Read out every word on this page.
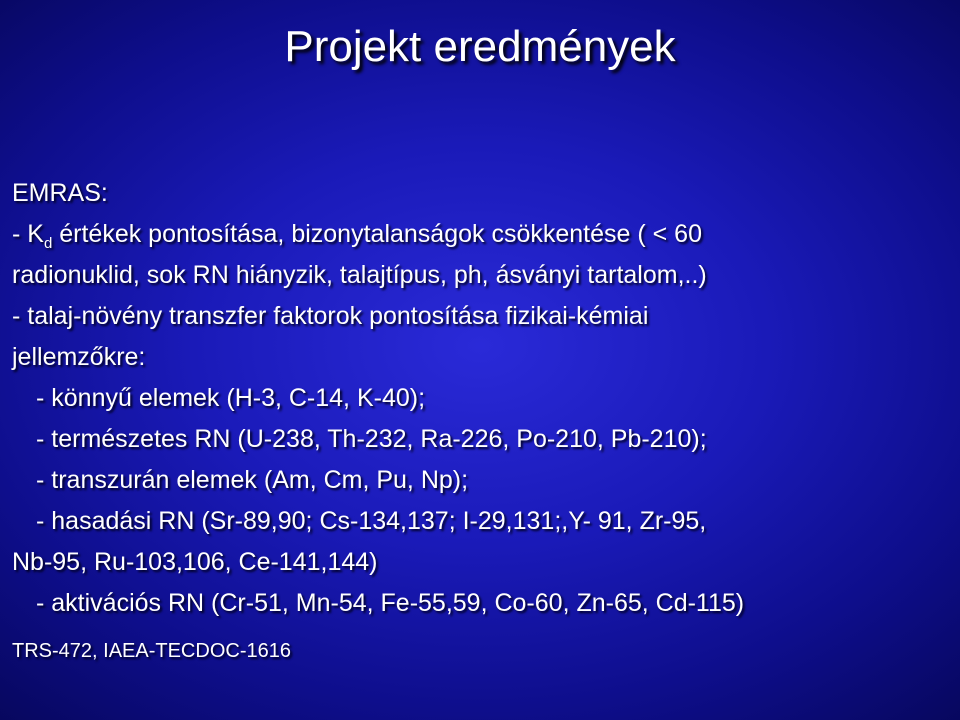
Projekt eredmények
EMRAS:
- $K_d$ értékek pontosítása, bizonytalanságok csökkentése ( < 60
radionuklid, sok RN hiányzik, talajtípus, ph, ásványi tartalom,..)
- talaj-növény transzfer faktorok pontosítása fizikai-kémiai
jellemzőkre:
- könnyű elemek (H-3, C-14, K-40);
- természetes RN (U-238, Th-232, Ra-226, Po-210, Pb-210);
- transzurán elemek (Am, Cm, Pu, Np);
- hasadási RN (Sr-89,90; Cs-134,137; I-29,131;,Y- 91, Zr-95,
Nb-95, Ru-103,106, Ce-141,144)
- aktivációs RN (Cr-51, Mn-54, Fe-55,59, Co-60, Zn-65, Cd-115)
TRS-472, IAEA-TECDOC-1616
